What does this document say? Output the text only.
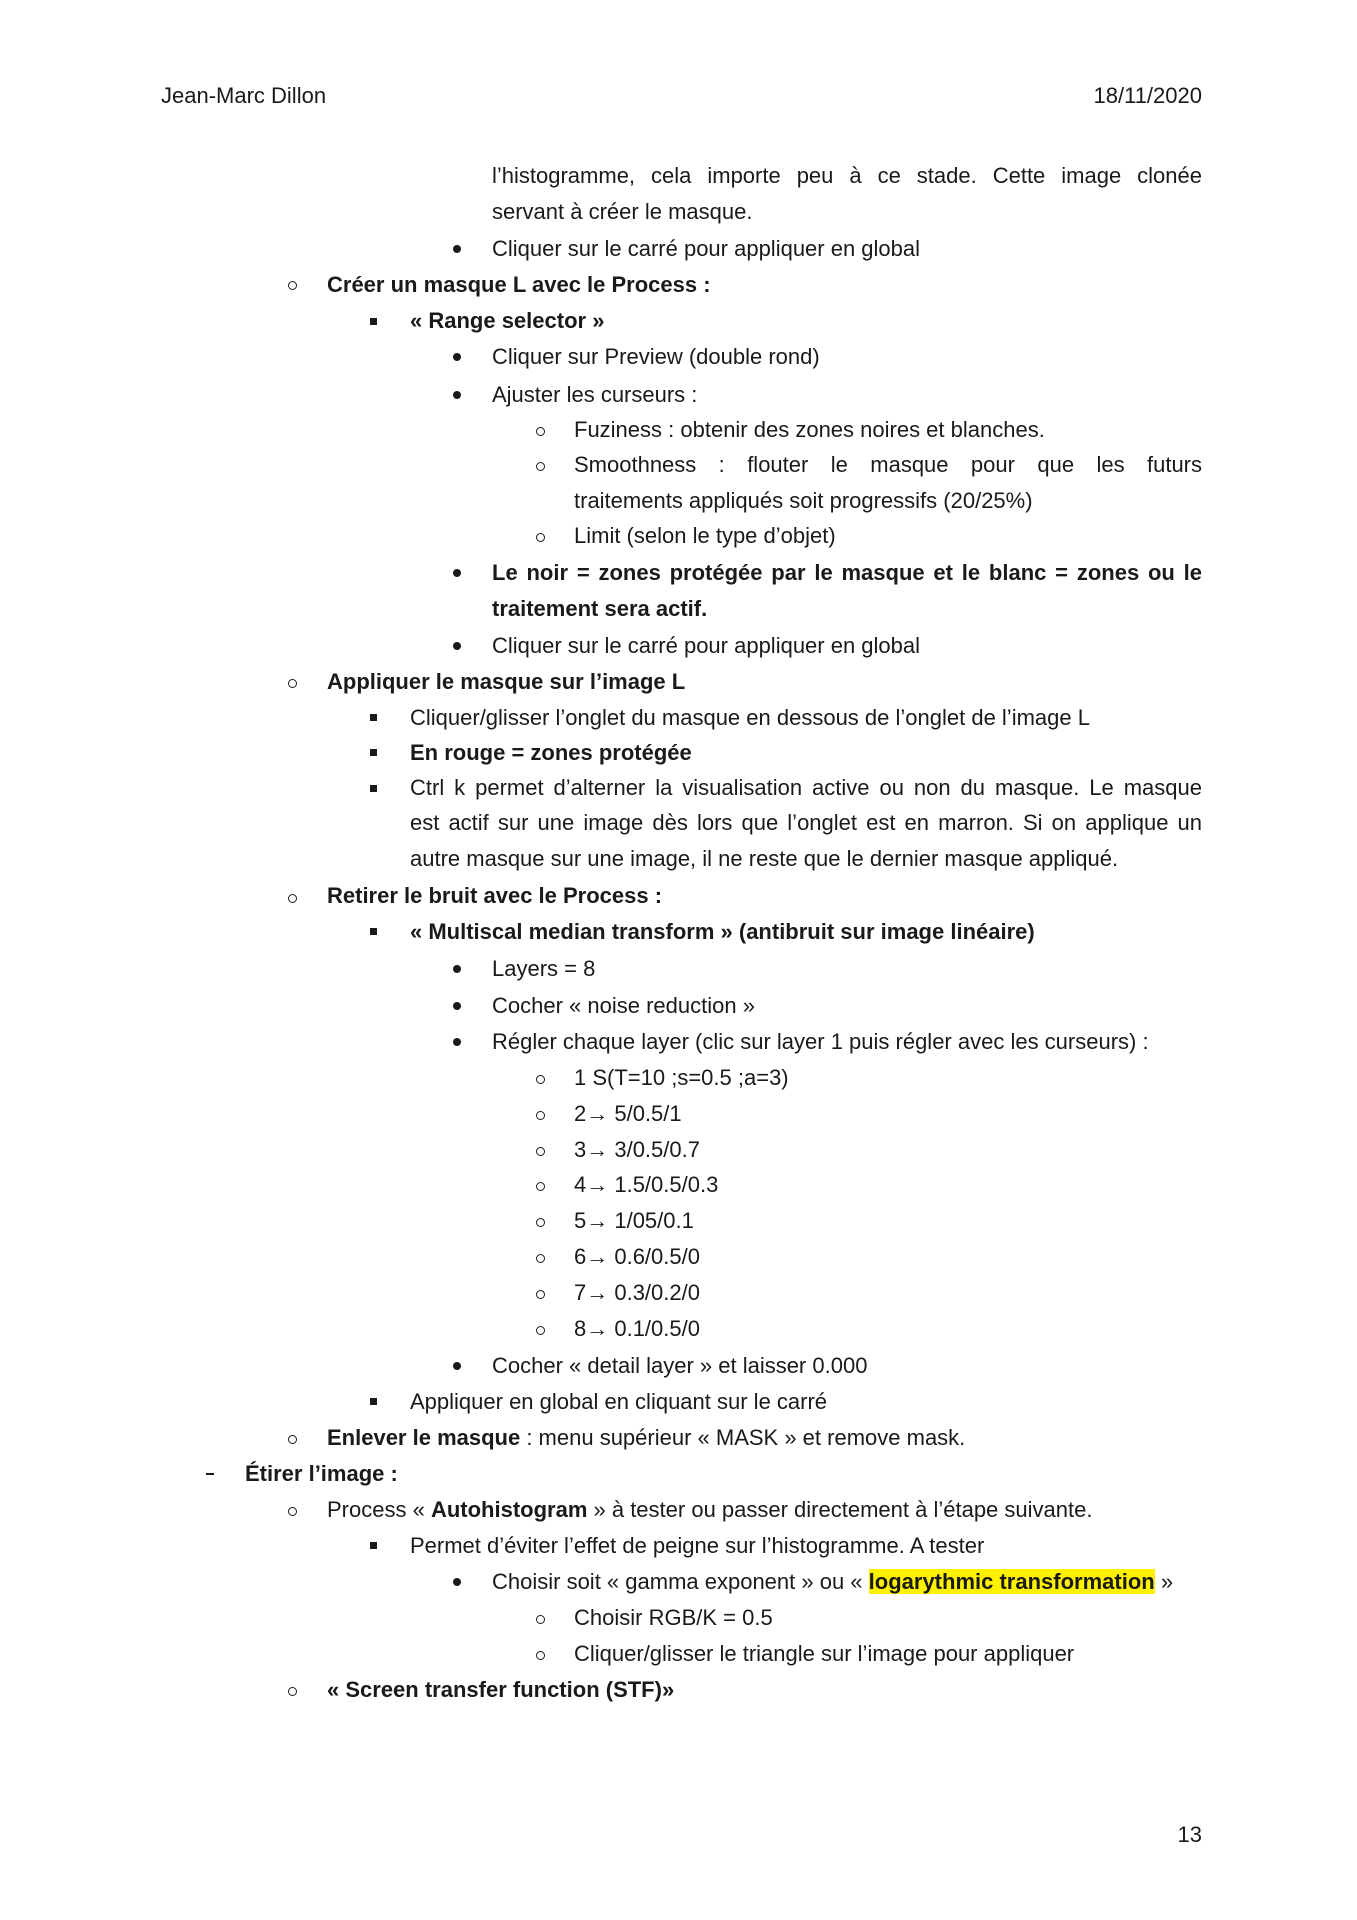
Jean-Marc Dillon	18/11/2020
l’histogramme, cela importe peu à ce stade. Cette image clonée
servant à créer le masque.
Cliquer sur le carré pour appliquer en global
Créer un masque L avec le Process :
« Range selector »
Cliquer sur Preview (double rond)
Ajuster les curseurs :
Fuziness : obtenir des zones noires et blanches.
Smoothness : flouter le masque pour que les futurs
traitements appliqués soit progressifs (20/25%)
Limit (selon le type d’objet)
Le noir = zones protégée par le masque et le blanc = zones ou le
traitement sera actif.
Cliquer sur le carré pour appliquer en global
Appliquer le masque sur l’image L
Cliquer/glisser l’onglet du masque en dessous de l’onglet de l’image L
En rouge = zones protégée
Ctrl k permet d’alterner la visualisation active ou non du masque. Le masque
est actif sur une image dès lors que l’onglet est en marron. Si on applique un
autre masque sur une image, il ne reste que le dernier masque appliqué.
Retirer le bruit avec le Process :
« Multiscal median transform » (antibruit sur image linéaire)
Layers = 8
Cocher « noise reduction »
Régler chaque layer (clic sur layer 1 puis régler avec les curseurs) :
1 S(T=10 ;s=0.5 ;a=3)
2→ 5/0.5/1
3→ 3/0.5/0.7
4→ 1.5/0.5/0.3
5→ 1/05/0.1
6→ 0.6/0.5/0
7→ 0.3/0.2/0
8→ 0.1/0.5/0
Cocher « detail layer » et laisser 0.000
Appliquer en global en cliquant sur le carré
Enlever le masque : menu supérieur « MASK » et remove mask.
Étirer l’image :
Process « Autohistogram » à tester ou passer directement à l’étape suivante.
Permet d’éviter l’effet de peigne sur l’histogramme. A tester
Choisir soit « gamma exponent » ou « logarythmic transformation »
Choisir RGB/K = 0.5
Cliquer/glisser le triangle sur l’image pour appliquer
« Screen transfer function (STF)»
13
